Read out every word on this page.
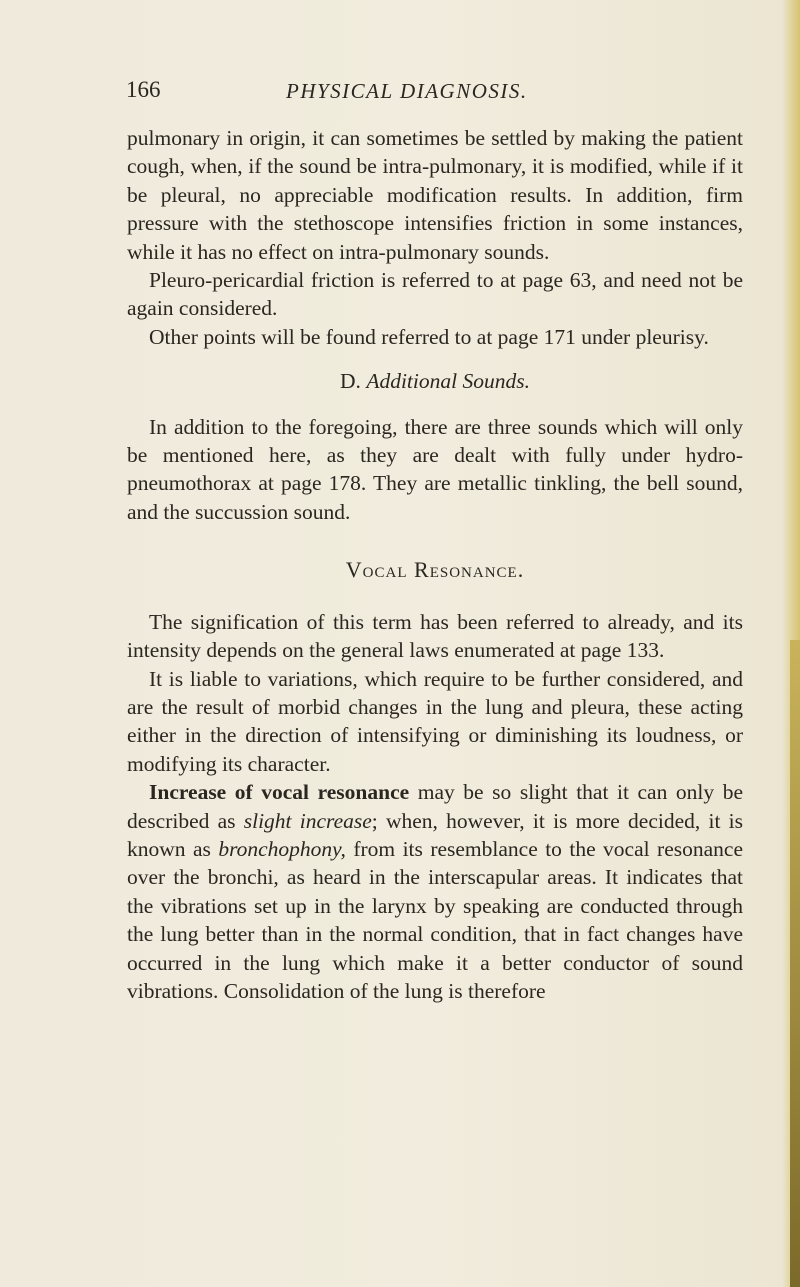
166	PHYSICAL DIAGNOSIS.

pulmonary in origin, it can sometimes be settled by making the patient cough, when, if the sound be intra-pulmonary, it is modified, while if it be pleural, no appreciable modification results. In addition, firm pressure with the stethoscope intensifies friction in some instances, while it has no effect on intra-pulmonary sounds.

Pleuro-pericardial friction is referred to at page 63, and need not be again considered.

Other points will be found referred to at page 171 under pleurisy.

D. Additional Sounds.

In addition to the foregoing, there are three sounds which will only be mentioned here, as they are dealt with fully under hydro-pneumothorax at page 178. They are metallic tinkling, the bell sound, and the succussion sound.

Vocal Resonance.

The signification of this term has been referred to already, and its intensity depends on the general laws enumerated at page 133.

It is liable to variations, which require to be further considered, and are the result of morbid changes in the lung and pleura, these acting either in the direction of intensifying or diminishing its loudness, or modifying its character.

Increase of vocal resonance may be so slight that it can only be described as slight increase; when, however, it is more decided, it is known as bronchophony, from its resemblance to the vocal resonance over the bronchi, as heard in the interscapular areas. It indicates that the vibrations set up in the larynx by speaking are conducted through the lung better than in the normal condition, that in fact changes have occurred in the lung which make it a better conductor of sound vibrations. Consolidation of the lung is therefore
